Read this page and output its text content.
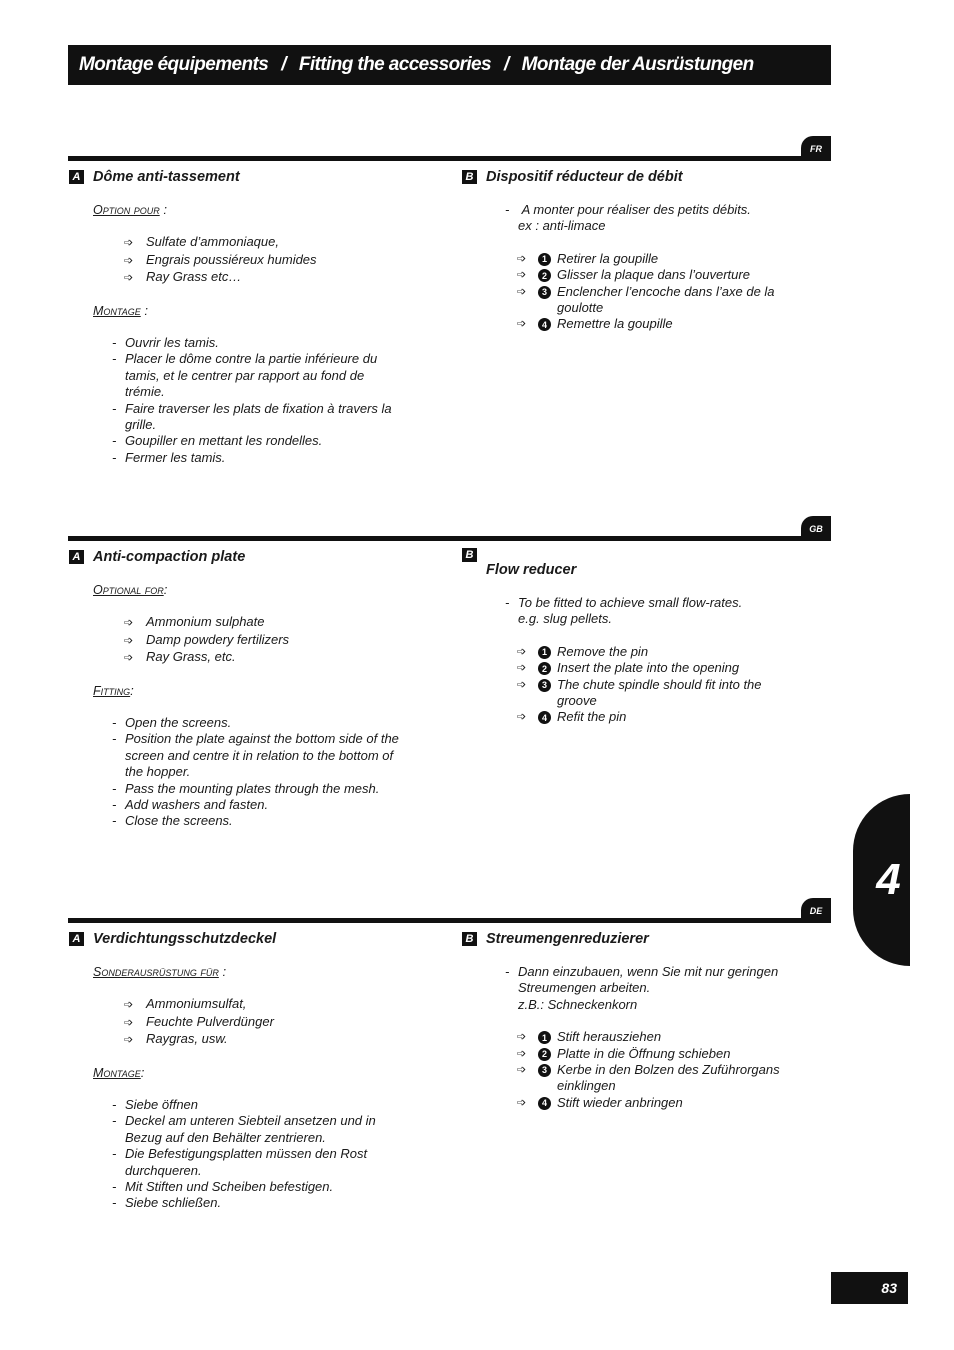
Montage équipements / Fitting the accessories / Montage der Ausrüstungen
FR
A Dôme anti-tassement
Option pour :
➩ Sulfate d’ammoniaque,
➩ Engrais poussiéreux humides
➩ Ray Grass etc…
Montage :
- Ouvrir les tamis.
- Placer le dôme contre la partie inférieure du tamis, et le centrer par rapport au fond de trémie.
- Faire traverser les plats de fixation à travers la grille.
- Goupiller en mettant les rondelles.
- Fermer les tamis.
B Dispositif réducteur de débit
- A monter pour réaliser des petits débits.
ex : anti-limace
➩	1 Retirer la goupille
➩	2 Glisser la plaque dans l’ouverture
➩	3 Enclencher l’encoche dans l’axe de la goulotte
➩	4 Remettre la goupille
GB
A Anti-compaction plate
Optional for:
➩ Ammonium sulphate
➩ Damp powdery fertilizers
➩ Ray Grass, etc.
Fitting:
- Open the screens.
- Position the plate against the bottom side of the screen and centre it in relation to the bottom of the hopper.
- Pass the mounting plates through the mesh.
- Add washers and fasten.
- Close the screens.
B
Flow reducer
- To be fitted to achieve small flow-rates.
e.g. slug pellets.
➩	1 Remove the pin
➩	2 Insert the plate into the opening
➩	3 The chute spindle should fit into the groove
➩	4 Refit the pin
4
DE
A Verdichtungsschutzdeckel
Sonderausrüstung für :
➩ Ammoniumsulfat,
➩ Feuchte Pulverdünger
➩ Raygras, usw.
Montage:
- Siebe öffnen
- Deckel am unteren Siebteil ansetzen und in Bezug auf den Behälter zentrieren.
- Die Befestigungsplatten müssen den Rost durchqueren.
- Mit Stiften und Scheiben befestigen.
- Siebe schließen.
B Streumengenreduzierer
- Dann einzubauen, wenn Sie mit nur geringen Streumengen arbeiten.
z.B.: Schneckenkorn
➩	1 Stift herausziehen
➩	2 Platte in die Öffnung schieben
➩	3 Kerbe in den Bolzen des Zuführorgans einklingen
➩	4 Stift wieder anbringen
83
